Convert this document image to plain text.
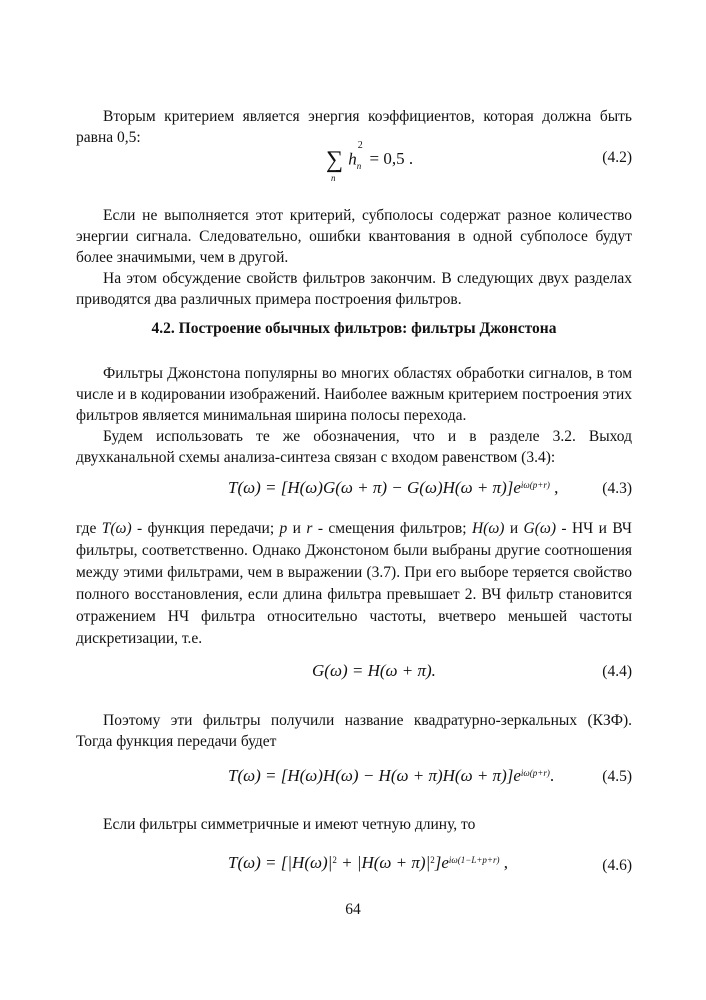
Вторым критерием является энергия коэффициентов, которая должна быть равна 0,5:

∑
n
h
2
$_n$ = 0,5 .	(4.2)

Если не выполняется этот критерий, субполосы содержат разное количество энергии сигнала. Следовательно, ошибки квантования в одной субполосе будут более значимыми, чем в другой.

На этом обсуждение свойств фильтров закончим. В следующих двух разделах приводятся два различных примера построения фильтров.

4.2. Построение обычных фильтров: фильтры Джонстона

Фильтры Джонстона популярны во многих областях обработки сигналов, в том числе и в кодировании изображений. Наиболее важным критерием построения этих фильтров является минимальная ширина полосы перехода.

Будем использовать те же обозначения, что и в разделе 3.2. Выход двухканальной схемы анализа-синтеза связан с входом равенством (3.4):

$T(\omega) = [H(\omega)G(\omega + \pi) - G(\omega)H(\omega + \pi)]e^{i\omega(p+r)}$ ,	(4.3)

где T(ω) - функция передачи; p и r - смещения фильтров; H(ω) и G(ω) - НЧ и ВЧ фильтры, соответственно. Однако Джонстоном были выбраны другие соотношения между этими фильтрами, чем в выражении (3.7). При его выборе теряется свойство полного восстановления, если длина фильтра превышает 2. ВЧ фильтр становится отражением НЧ фильтра относительно частоты, вчетверо меньшей частоты дискретизации, т.е.

G(ω) = H(ω + π).	(4.4)

Поэтому эти фильтры получили название квадратурно-зеркальных (КЗФ). Тогда функция передачи будет

$T(\omega) = [H(\omega)H(\omega) - H(\omega + \pi)H(\omega + \pi)]e^{i\omega(p+r)}$.	(4.5)

Если фильтры симметричные и имеют четную длину, то

$T(\omega) = [|H(\omega)|^2 + |H(\omega + \pi)|^2]e^{i\omega(1-L+p+r)}$ ,	(4.6)
64
